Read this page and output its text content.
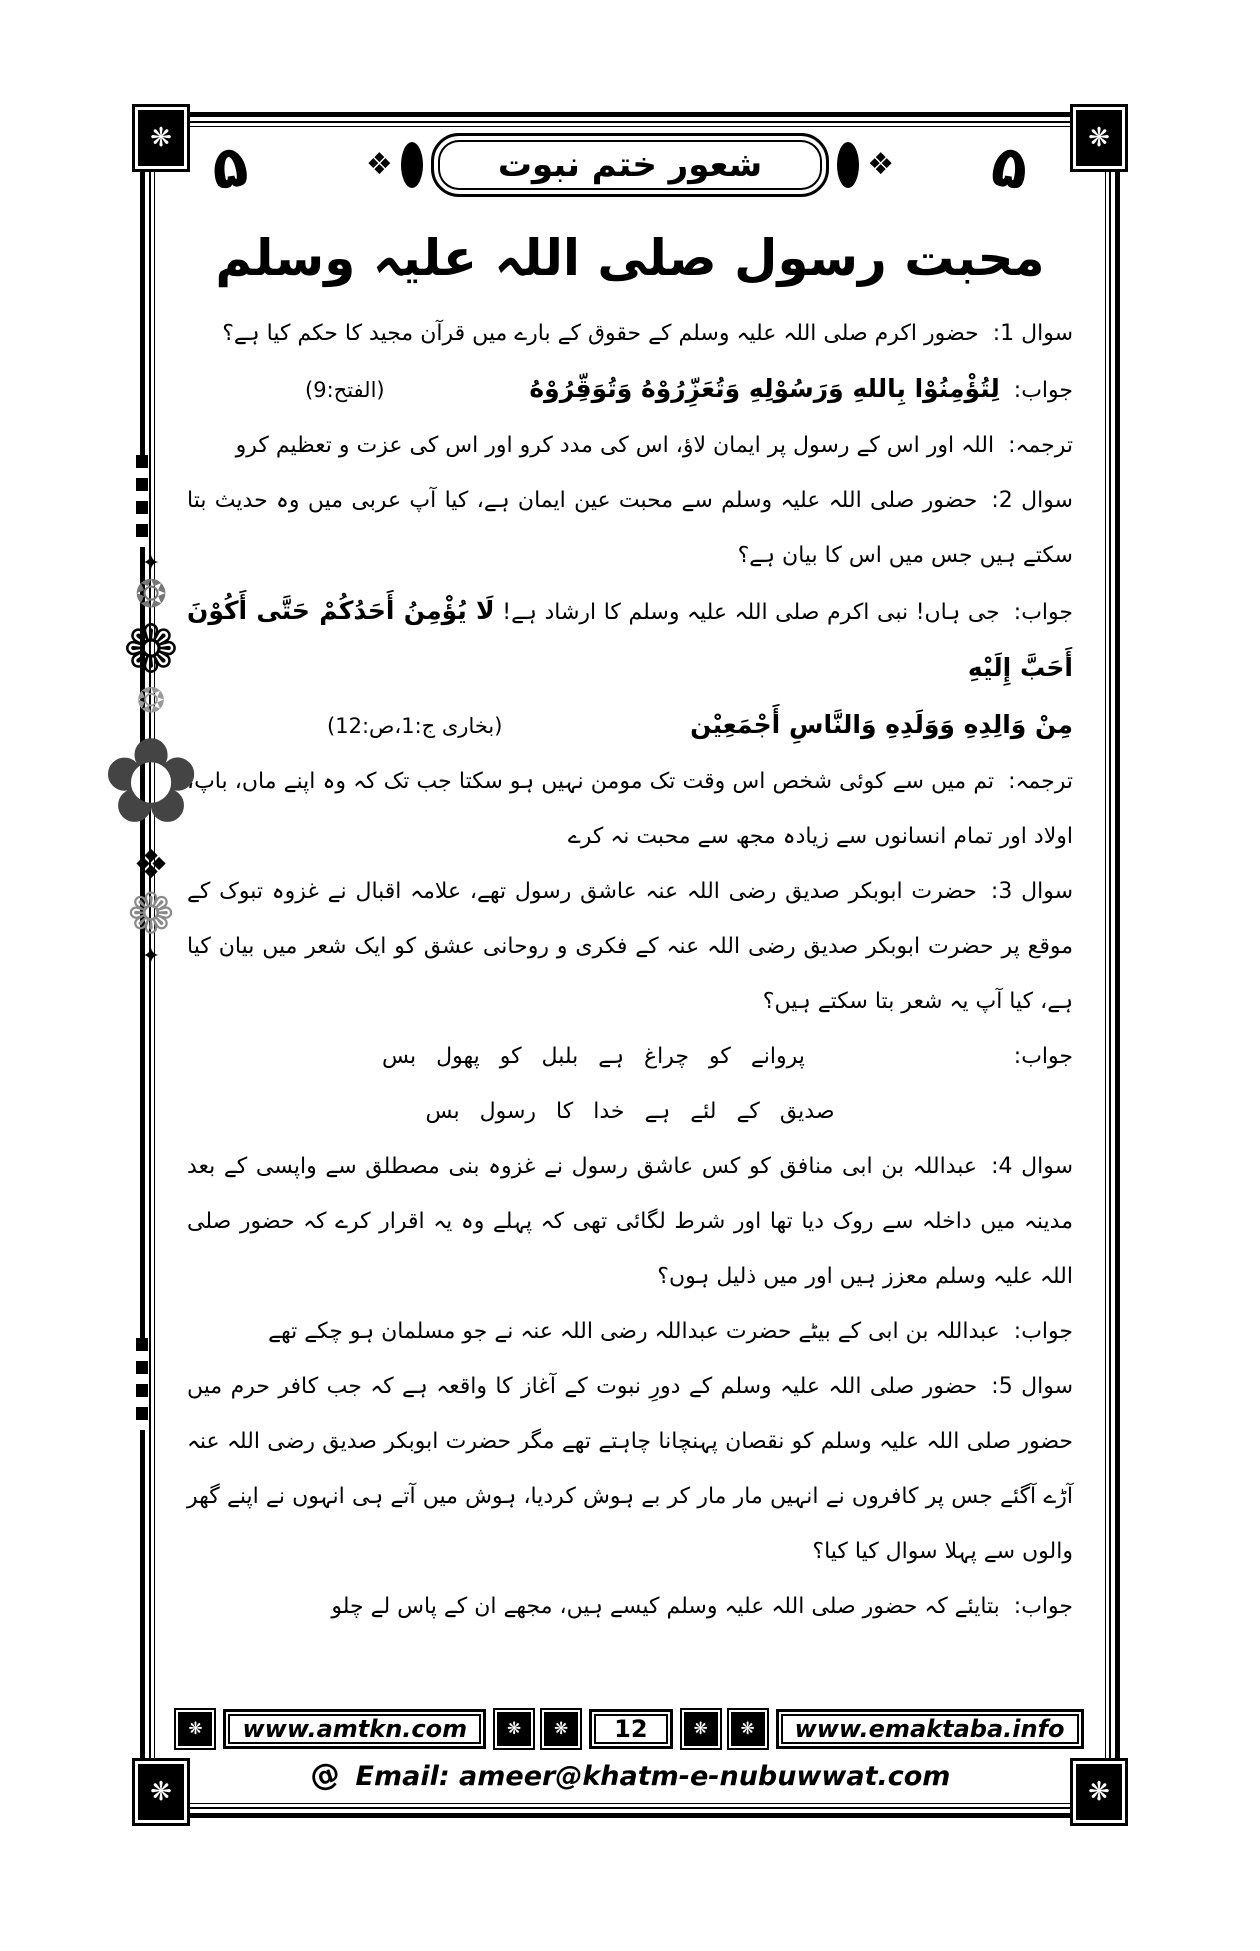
۵	۵
✦
❂
❁
❂
✿
❖
❁
✦
❋	❋
❋	❋
❖
شعور ختم نبوت
❖
محبت رسول صلی اللہ علیہ وسلم

سوال 1:حضور اکرم صلی اللہ علیہ وسلم کے حقوق کے بارے میں قرآن مجید کا حکم کیا ہے؟

جواب:
لِتُؤْمِنُوْا بِاللهِ وَرَسُوْلِهِ وَتُعَزِّرُوْهُ وَتُوَقِّرُوْهُ
(الفتح:9)

ترجمہ:اللہ اور اس کے رسول پر ایمان لاؤ، اس کی مدد کرو اور اس کی عزت و تعظیم کرو

سوال 2:حضور صلی اللہ علیہ وسلم سے محبت عین ایمان ہے، کیا آپ عربی میں وہ حدیث بتا سکتے ہیں جس میں اس کا بیان ہے؟

جواب:جی ہاں! نبی اکرم صلی اللہ علیہ وسلم کا ارشاد ہے! لَا يُؤْمِنُ أَحَدُكُمْ حَتَّى أَكُوْنَ أَحَبَّ إِلَيْهِ

مِنْ وَالِدِهِ وَوَلَدِهِ وَالنَّاسِ أَجْمَعِيْن
(بخاری ج:1،ص:12)

ترجمہ:تم میں سے کوئی شخص اس وقت تک مومن نہیں ہو سکتا جب تک کہ وہ اپنے ماں، باپ، اولاد اور تمام انسانوں سے زیادہ مجھ سے محبت نہ کرے

سوال 3:حضرت ابوبکر صدیق رضی اللہ عنہ عاشق رسول تھے، علامہ اقبال نے غزوہ تبوک کے موقع پر حضرت ابوبکر صدیق رضی اللہ عنہ کے فکری و روحانی عشق کو ایک شعر میں بیان کیا ہے، کیا آپ یہ شعر بتا سکتے ہیں؟

جواب:
پروانے کو چراغ ہے بلبل کو پھول بس
صدیق کے لئے ہے خدا کا رسول بس

سوال 4:عبداللہ بن ابی منافق کو کس عاشق رسول نے غزوہ بنی مصطلق سے واپسی کے بعد مدینہ میں داخلہ سے روک دیا تھا اور شرط لگائی تھی کہ پہلے وہ یہ اقرار کرے کہ حضور صلی اللہ علیہ وسلم معزز ہیں اور میں ذلیل ہوں؟

جواب:عبداللہ بن ابی کے بیٹے حضرت عبداللہ رضی اللہ عنہ نے جو مسلمان ہو چکے تھے

سوال 5:حضور صلی اللہ علیہ وسلم کے دورِ نبوت کے آغاز کا واقعہ ہے کہ جب کافر حرم میں حضور صلی اللہ علیہ وسلم کو نقصان پہنچانا چاہتے تھے مگر حضرت ابوبکر صدیق رضی اللہ عنہ آڑے آگئے جس پر کافروں نے انہیں مار مار کر بے ہوش کردیا، ہوش میں آتے ہی انہوں نے اپنے گھر والوں سے پہلا سوال کیا کیا؟

جواب:بتایئے کہ حضور صلی اللہ علیہ وسلم کیسے ہیں، مجھے ان کے پاس لے چلو

❋	www.amtkn.com	❋	❋	12	❋	❋	www.emaktaba.info
@ Email: ameer@khatm-e-nubuwwat.com
